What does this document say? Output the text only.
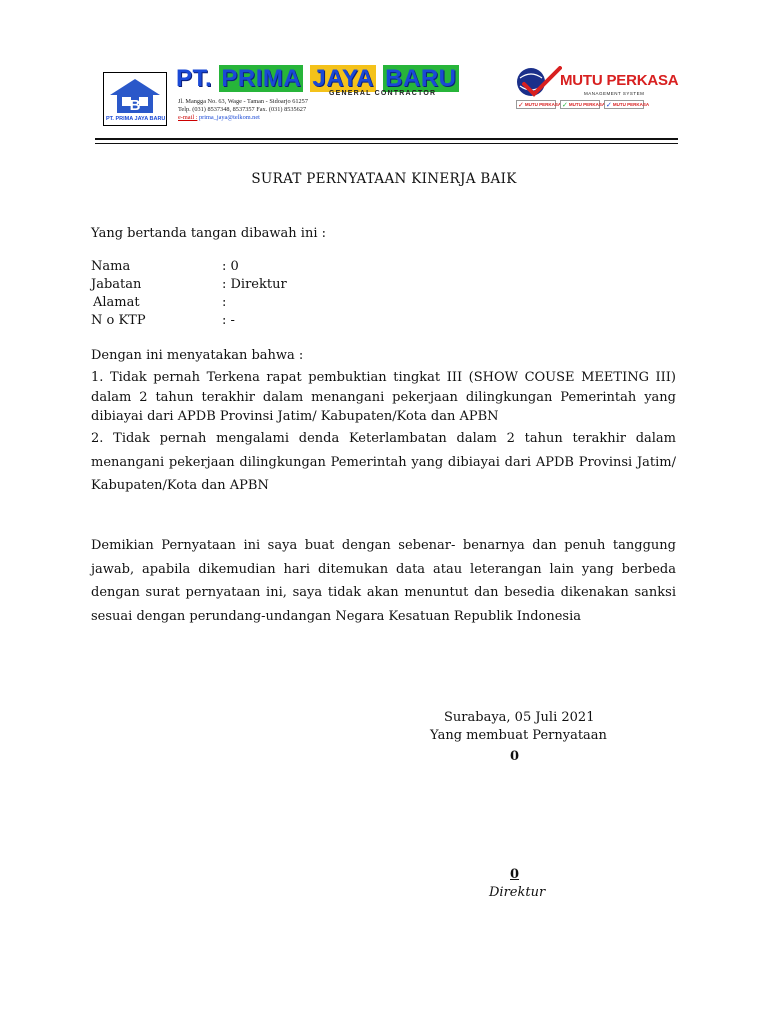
B
PT. PRIMA JAYA BARU
PT. PRIMA JAYA BARU
GENERAL CONTRACTOR
Jl. Mangga No. 63, Wage - Taman - Sidoarjo 61257
Telp. (031) 8537348, 8537357 Fax. (031) 8535627
e-mail : prima_jaya@telkom.net
MUTU PERKASA
MANAGEMENT SYSTEM
✓ MUTU PERKASA ✓ MUTU PERKASA ✓ MUTU PERKASA
SURAT PERNYATAAN KINERJA BAIK
Yang bertanda tangan dibawah ini :
Nama	: 0
Jabatan	: Direktur
Alamat	:
N o KTP	: -
Dengan ini menyatakan bahwa :
1. Tidak pernah Terkena rapat pembuktian tingkat III (SHOW COUSE MEETING III) dalam 2 tahun terakhir dalam menangani pekerjaan dilingkungan Pemerintah yang dibiayai dari APDB Provinsi Jatim/ Kabupaten/Kota dan APBN
2. Tidak pernah mengalami denda Keterlambatan dalam 2 tahun terakhir dalam menangani pekerjaan dilingkungan Pemerintah yang dibiayai dari APDB Provinsi Jatim/ Kabupaten/Kota dan APBN
Demikian Pernyataan ini saya buat dengan sebenar- benarnya dan penuh tanggung jawab, apabila dikemudian hari ditemukan data atau leterangan lain yang berbeda dengan surat pernyataan ini, saya tidak akan menuntut dan besedia dikenakan sanksi sesuai dengan perundang-undangan Negara Kesatuan Republik Indonesia
Surabaya, 05 Juli 2021
Yang membuat Pernyataan
0
0
Direktur
